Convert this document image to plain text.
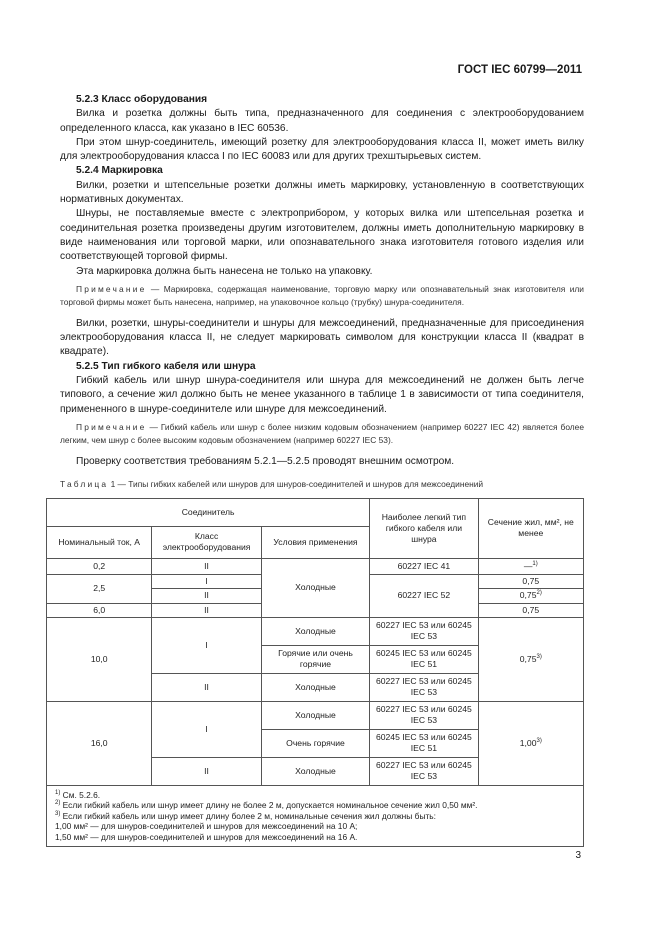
ГОСТ IEC 60799—2011

5.2.3 Класс оборудования

Вилка и розетка должны быть типа, предназначенного для соединения с электрооборудованием определенного класса, как указано в IEC 60536.

При этом шнур-соединитель, имеющий розетку для электрооборудования класса II, может иметь вилку для электрооборудования класса I по IEC 60083 или для других трехштырьевых систем.

5.2.4 Маркировка

Вилки, розетки и штепсельные розетки должны иметь маркировку, установленную в соответствующих нормативных документах.

Шнуры, не поставляемые вместе с электроприбором, у которых вилка или штепсельная розетка и соединительная розетка произведены другим изготовителем, должны иметь дополнительную маркировку в виде наименования или торговой марки, или опознавательного знака изготовителя готового изделия или соответствующей торговой фирмы.

Эта маркировка должна быть нанесена не только на упаковку.

Примечание — Маркировка, содержащая наименование, торговую марку или опознавательный знак изготовителя или торговой фирмы может быть нанесена, например, на упаковочное кольцо (трубку) шнура-соединителя.

Вилки, розетки, шнуры-соединители и шнуры для межсоединений, предназначенные для присоединения электрооборудования класса II, не следует маркировать символом для конструкции класса II (квадрат в квадрате).

5.2.5 Тип гибкого кабеля или шнура

Гибкий кабель или шнур шнура-соединителя или шнура для межсоединений не должен быть легче типового, а сечение жил должно быть не менее указанного в таблице 1 в зависимости от типа соединителя, примененного в шнуре-соединителе или шнуре для межсоединений.

Примечание — Гибкий кабель или шнур с более низким кодовым обозначением (например 60227 IEC 42) является более легким, чем шнур с более высоким кодовым обозначением (например 60227 IEC 53).

Проверку соответствия требованиям 5.2.1—5.2.5 проводят внешним осмотром.

Таблица 1 — Типы гибких кабелей или шнуров для шнуров-соединителей и шнуров для межсоединений
Соединитель			Наиболее легкий тип гибкого кабеля или шнура	Сечение жил, мм², не менее
Номинальный ток, А	Класс электрооборудования	Условия применения		
0,2	II	Холодные	60227 IEC 41	—$^{1)}$
2,5	I		60227 IEC 52	0,75
	II			0,75$^{2)}$
6,0	II			0,75

10,0	I	Холодные	60227 IEC 53 или 60245 IEC 53	0,75$^{3)}$
		Горячие или очень горячие	60245 IEC 53 или 60245 IEC 51	
	II	Холодные	60227 IEC 53 или 60245 IEC 53	
16,0	I	Холодные	60227 IEC 53 или 60245 IEC 53	1,00$^{3)}$
		Очень горячие	60245 IEC 53 или 60245 IEC 51	
	II	Холодные	60227 IEC 53 или 60245 IEC 53	

$^{1)}$ См. 5.2.6.
$^{2)}$ Если гибкий кабель или шнур имеет длину не более 2 м, допускается номинальное сечение жил 0,50 мм².
$^{3)}$ Если гибкий кабель или шнур имеет длину более 2 м, номинальные сечения жил должны быть:
1,00 мм² — для шнуров-соединителей и шнуров для межсоединений на 10 А;
1,50 мм² — для шнуров-соединителей и шнуров для межсоединений на 16 А.				
3
